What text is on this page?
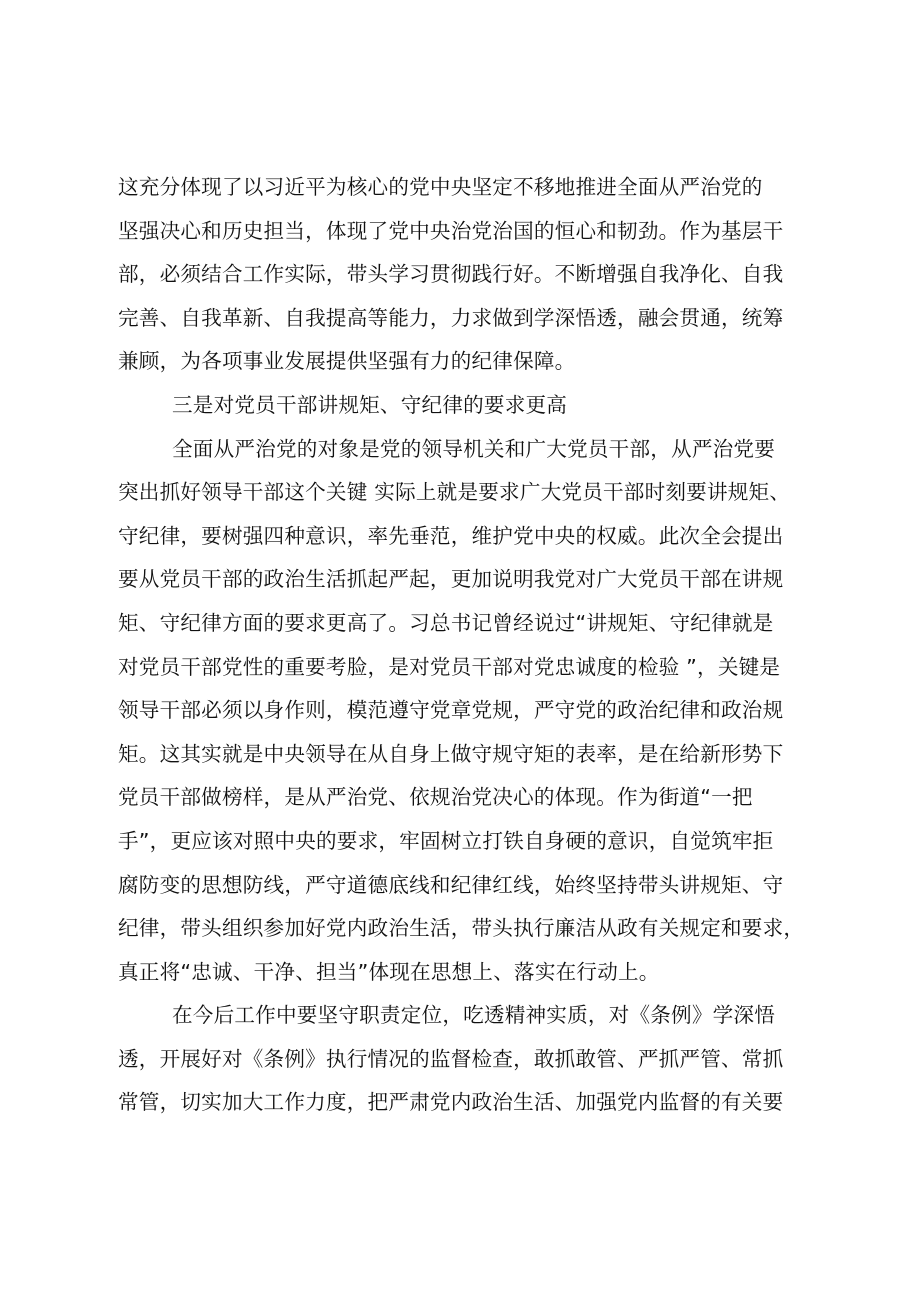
这充分体现了以习近平为核心的党中央坚定不移地推进全面从严治党的
坚强决心和历史担当，体现了党中央治党治国的恒心和韧劲。作为基层干
部，必须结合工作实际，带头学习贯彻践行好。不断增强自我净化、自我
完善、自我革新、自我提高等能力，力求做到学深悟透，融会贯通，统筹
兼顾，为各项事业发展提供坚强有力的纪律保障。
三是对党员干部讲规矩、守纪律的要求更高
全面从严治党的对象是党的领导机关和广大党员干部，从严治党要
突出抓好领导干部这个关键 实际上就是要求广大党员干部时刻要讲规矩、
守纪律，要树强四种意识，率先垂范，维护党中央的权威。此次全会提出
要从党员干部的政治生活抓起严起，更加说明我党对广大党员干部在讲规
矩、守纪律方面的要求更高了。习总书记曾经说过“讲规矩、守纪律就是
对党员干部党性的重要考脸，是对党员干部对党忠诚度的检验 ”，关键是
领导干部必须以身作则，模范遵守党章党规，严守党的政治纪律和政治规
矩。这其实就是中央领导在从自身上做守规守矩的表率，是在给新形势下
党员干部做榜样，是从严治党、依规治党决心的体现。作为街道“一把
手”，更应该对照中央的要求，牢固树立打铁自身硬的意识，自觉筑牢拒
腐防变的思想防线，严守道德底线和纪律红线，始终坚持带头讲规矩、守
纪律，带头组织参加好党内政治生活，带头执行廉洁从政有关规定和要求，
真正将“忠诚、干净、担当”体现在思想上、落实在行动上。
在今后工作中要坚守职责定位，吃透精神实质，对《条例》学深悟
透，开展好对《条例》执行情况的监督检查，敢抓敢管、严抓严管、常抓
常管，切实加大工作力度，把严肃党内政治生活、加强党内监督的有关要
